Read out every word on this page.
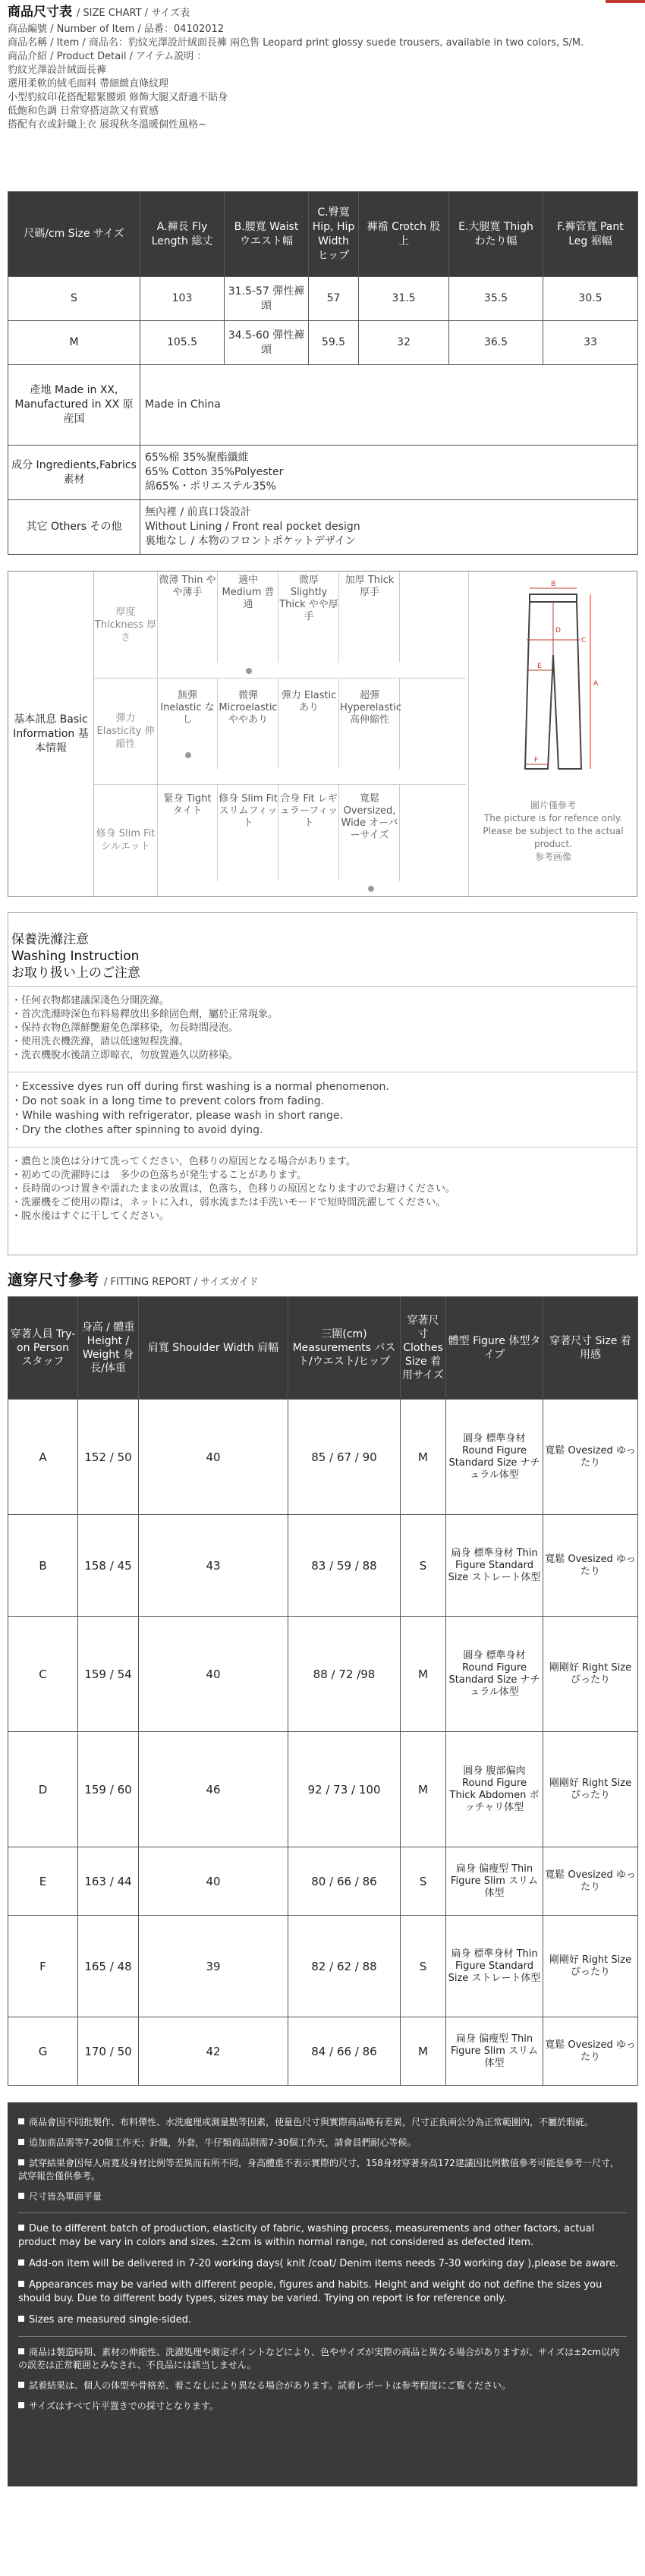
商品尺寸表 / SIZE CHART / サイズ表
商品編號 / Number of Item / 品番：04102012
商品名稱 / Item / 商品名：豹紋光澤設計絨面長褲 兩色售 Leopard print glossy suede trousers, available in two colors, S/M.
商品介紹 / Product Detail / アイテム説明 ：
豹紋光澤設計絨面長褲
選用柔軟的絨毛面料 帶細緻直條紋理
小型豹紋印花搭配鬆緊腰頭 修飾大腿又舒適不貼身
低飽和色調 日常穿搭這款又有質感
搭配有衣或針織上衣 展現秋冬溫暖個性風格~
尺碼/cm Size サイズ	A.褲長 Fly Length 総丈	B.腰寬 Waist ウエスト幅	C.臀寬 Hip, Hip Width ヒップ	褲襠 Crotch 股上	E.大腿寬 Thigh わたり幅	F.褲管寬 Pant Leg 裾幅
S	103	31.5-57 彈性褲頭	57	31.5	35.5	30.5
M	105.5	34.5-60 彈性褲頭	59.5	32	36.5	33
產地 Made in XX, Manufactured in XX 原産国	Made in China					
成分 Ingredients,Fabrics 素材	65%棉 35%聚酯纖維
65% Cotton 35%Polyester
綿65%・ポリエステル35%					

其它 Others その他	無內裡 / 前真口袋設計
Without Lining / Front real pocket design
裏地なし / 本物のフロントポケットデザイン					
基本訊息 Basic Information 基本情報
厚度 Thickness 厚さ
微薄 Thin やや薄手
適中 Medium 普通
微厚 Slightly Thick やや厚手
加厚 Thick 厚手
彈力 Elasticity 伸縮性
無彈 Inelastic なし
微彈 Microelastic ややあり
彈力 Elastic あり
超彈 Hyperelastic 高伸縮性
修身 Slim Fit シルエット
緊身 Tight タイト
修身 Slim Fit スリムフィット
合身 Fit レギュラーフィット
寬鬆 Oversized, Wide オーバーサイズ
A
B
C
D
E
F
圖片僅參考
The picture is for refence only.
Please be subject to the actual product.
参考画像
保養洗滌注意
Washing Instruction
お取り扱い上のご注意
・任何衣物都建議深淺色分開洗滌。
・首次洗滌時深色布料易釋放出多餘固色劑，屬於正常現象。
・保持衣物色澤鮮艷避免色澤移染，勿長時間浸泡。
・使用洗衣機洗滌，請以低速短程洗滌。
・洗衣機脫水後請立即晾衣，勿放置過久以防移染。
・Excessive dyes run off during first washing is a normal phenomenon.
・Do not soak in a long time to prevent colors from fading.
・While washing with refrigerator, please wash in short range.
・Dry the clothes after spinning to avoid dying.
・濃色と淡色は分けて洗ってください，色移りの原因となる場合があります。
・初めての洗濯時には　多少の色落ちが発生することがあります。
・長時間のつけ置きや濡れたままの放置は，色落ち，色移りの原因となりますのでお避けください。
・洗濯機をご使用の際は，ネットに入れ，弱水流または手洗いモードで短時間洗濯してください。
・脱水後はすぐに干してください。
適穿尺寸參考 / FITTING REPORT / サイズガイド
穿著人員 Try-on Person スタッフ	身高 / 體重 Height / Weight 身長/体重	肩寬 Shoulder Width 肩幅	三圍(cm) Measurements バスト/ウエスト/ヒップ	穿著尺寸 Clothes Size 着用サイズ	體型 Figure 体型タイプ	穿著尺寸 Size 着用感
A	152 / 50	40	85 / 67 / 90	M	圓身 標準身材 Round Figure Standard Size ナチュラル体型	寬鬆 Ovesized ゆったり
B	158 / 45	43	83 / 59 / 88	S	扁身 標準身材 Thin Figure Standard Size ストレート体型	寬鬆 Ovesized ゆったり
C	159 / 54	40	88 / 72 /98	M	圓身 標準身材 Round Figure Standard Size ナチュラル体型	剛剛好 Right Size ぴったり
D	159 / 60	46	92 / 73 / 100	M	圓身 腹部偏肉 Round Figure Thick Abdomen ボッチャリ体型	剛剛好 Right Size ぴったり
E	163 / 44	40	80 / 66 / 86	S	扁身 偏瘦型 Thin Figure Slim スリム体型	寬鬆 Ovesized ゆったり
F	165 / 48	39	82 / 62 / 88	S	扁身 標準身材 Thin Figure Standard Size ストレート体型	剛剛好 Right Size ぴったり
G	170 / 50	42	84 / 66 / 86	M	扁身 偏瘦型 Thin Figure Slim スリム体型	寬鬆 Ovesized ゆったり
商品會因不同批製作、布料彈性、水洗處理或測量點等因素，使量色尺寸與實際商品略有差異，尺寸正負兩公分為正常範圍內，不屬於瑕疵。
追加商品需等7-20個工作天；針織，外套，牛仔類商品則需7-30個工作天，請會員們耐心等候。
試穿結果會因每人肩寬及身材比例等差異而有所不同，身高體重不表示實際的尺寸，158身材穿著身高172建議因比例數值參考可能是參考一尺寸，試穿報告僅供參考。
尺寸皆為單面平量
Due to different batch of production, elasticity of fabric, washing process, measurements and other factors, actual product may be vary in colors and sizes. ±2cm is within normal range, not considered as defected item.
Add-on item will be delivered in 7-20 working days( knit /coat/ Denim items needs 7-30 working day ),please be aware.
Appearances may be varied with different people, figures and habits. Height and weight do not define the sizes you should buy. Due to different body types, sizes may be varied. Trying on report is for reference only.
Sizes are measured single-sided.
商品は製造時期、素材の伸縮性、洗濯処理や測定ポイントなどにより、色やサイズが実際の商品と異なる場合がありますが、サイズは±2cm以内の誤差は正常範囲とみなされ、不良品には該当しません。
試着結果は、個人の体型や骨格差、着こなしにより異なる場合があります。試着レポートは参考程度にご覧ください。
サイズはすべて片平置きでの採寸となります。
